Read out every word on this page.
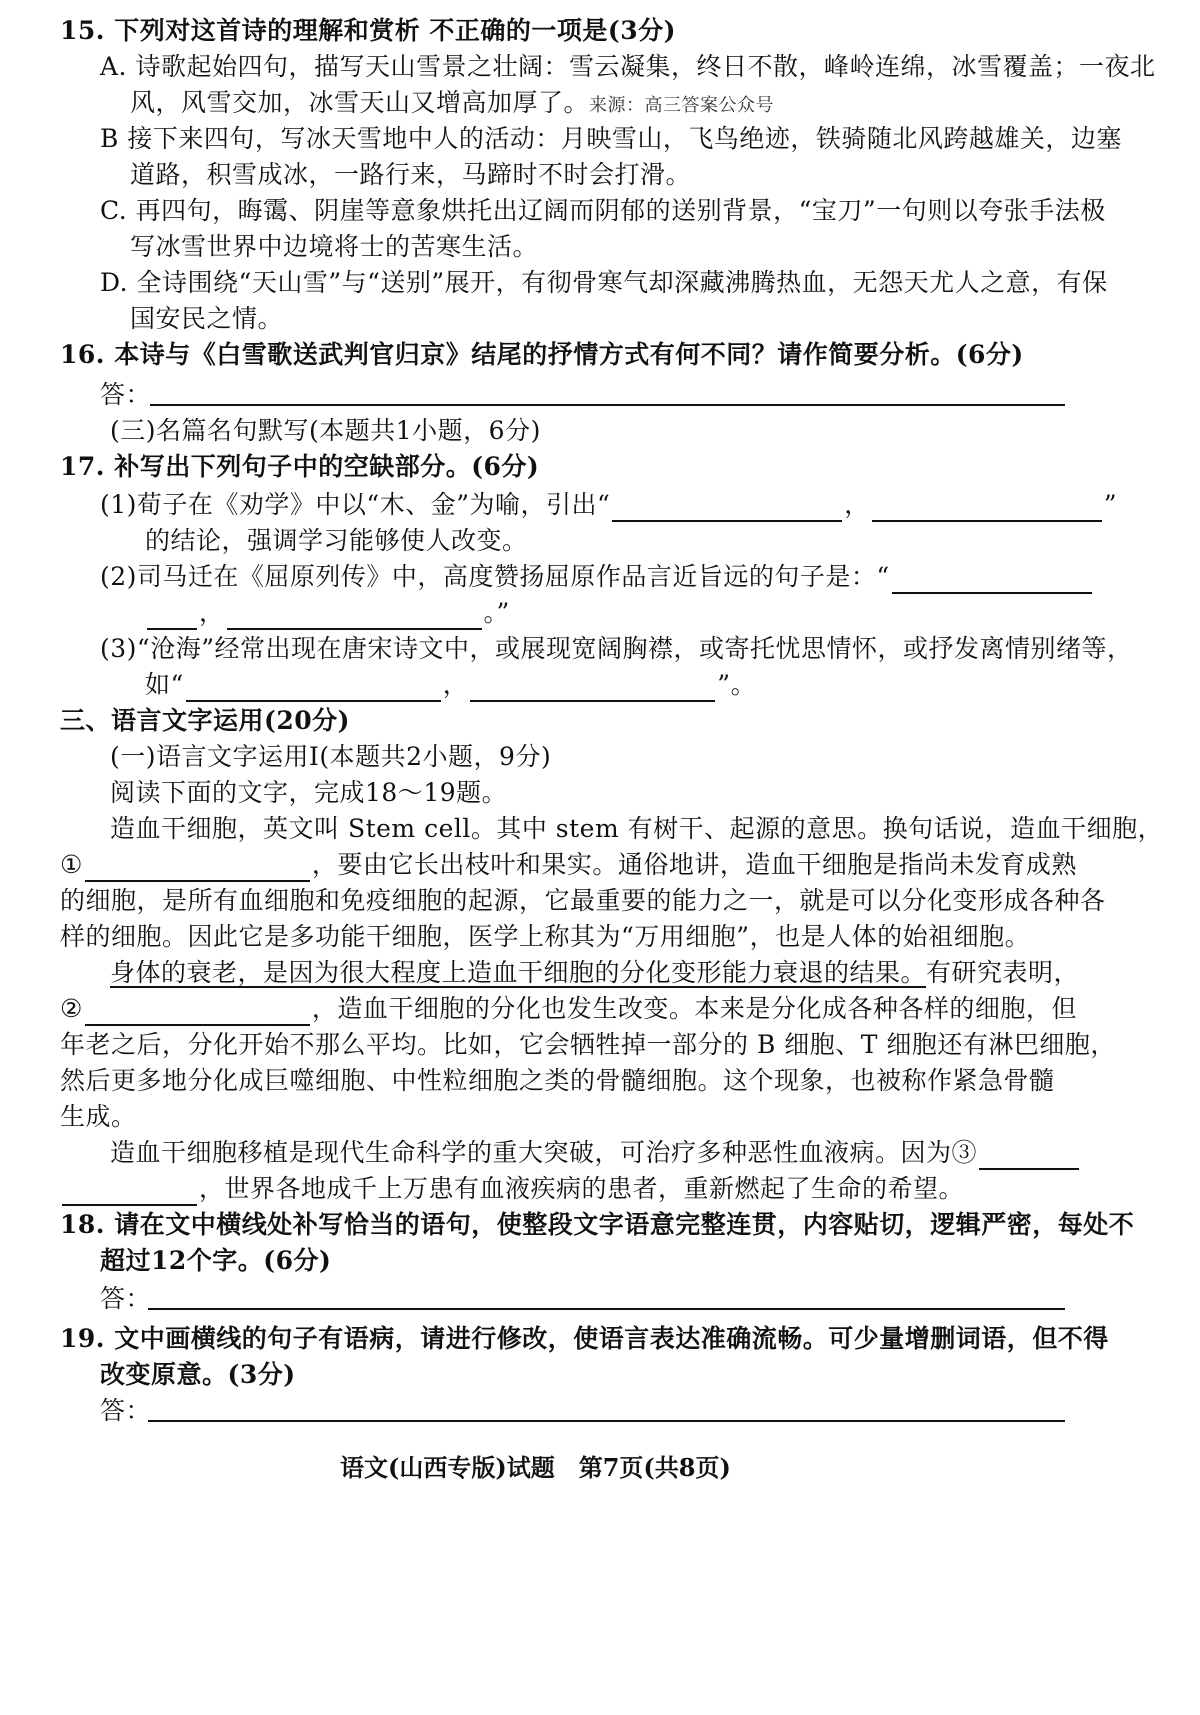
15. 下列对这首诗的理解和赏析 不正确的一项是(3分)
A. 诗歌起始四句，描写天山雪景之壮阔：雪云凝集，终日不散，峰岭连绵，冰雪覆盖；一夜北
风，风雪交加，冰雪天山又增高加厚了。来源：高三答案公众号
B 接下来四句，写冰天雪地中人的活动：月映雪山，飞鸟绝迹，铁骑随北风跨越雄关，边塞
道路，积雪成冰，一路行来，马蹄时不时会打滑。
C. 再四句，晦霭、阴崖等意象烘托出辽阔而阴郁的送别背景，“宝刀”一句则以夸张手法极
写冰雪世界中边境将士的苦寒生活。
D. 全诗围绕“天山雪”与“送别”展开，有彻骨寒气却深藏沸腾热血，无怨天尤人之意，有保
国安民之情。
16. 本诗与《白雪歌送武判官归京》结尾的抒情方式有何不同？请作简要分析。(6分)
答：
(三)名篇名句默写(本题共1小题，6分)
17. 补写出下列句子中的空缺部分。(6分)
(1)荀子在《劝学》中以“木、金”为喻，引出“	，	”
的结论，强调学习能够使人改变。
(2)司马迁在《屈原列传》中，高度赞扬屈原作品言近旨远的句子是：“
，	。”
(3)“沧海”经常出现在唐宋诗文中，或展现宽阔胸襟，或寄托忧思情怀，或抒发离情别绪等，
如“	，	”。
三、语言文字运用(20分)
(一)语言文字运用Ⅰ(本题共2小题，9分)
阅读下面的文字，完成18～19题。
造血干细胞，英文叫 Stem cell。其中 stem 有树干、起源的意思。换句话说，造血干细胞，
①	，要由它长出枝叶和果实。通俗地讲，造血干细胞是指尚未发育成熟
的细胞，是所有血细胞和免疫细胞的起源，它最重要的能力之一，就是可以分化变形成各种各
样的细胞。因此它是多功能干细胞，医学上称其为“万用细胞”，也是人体的始祖细胞。
身体的衰老，是因为很大程度上造血干细胞的分化变形能力衰退的结果。有研究表明，
②	，造血干细胞的分化也发生改变。本来是分化成各种各样的细胞，但
年老之后，分化开始不那么平均。比如，它会牺牲掉一部分的 B 细胞、T 细胞还有淋巴细胞，
然后更多地分化成巨噬细胞、中性粒细胞之类的骨髓细胞。这个现象，也被称作紧急骨髓
生成。
造血干细胞移植是现代生命科学的重大突破，可治疗多种恶性血液病。因为③
，世界各地成千上万患有血液疾病的患者，重新燃起了生命的希望。
18. 请在文中横线处补写恰当的语句，使整段文字语意完整连贯，内容贴切，逻辑严密，每处不
超过12个字。(6分)
答：
19. 文中画横线的句子有语病，请进行修改，使语言表达准确流畅。可少量增删词语，但不得
改变原意。(3分)
答：
语文(山西专版)试题　第7页(共8页)
